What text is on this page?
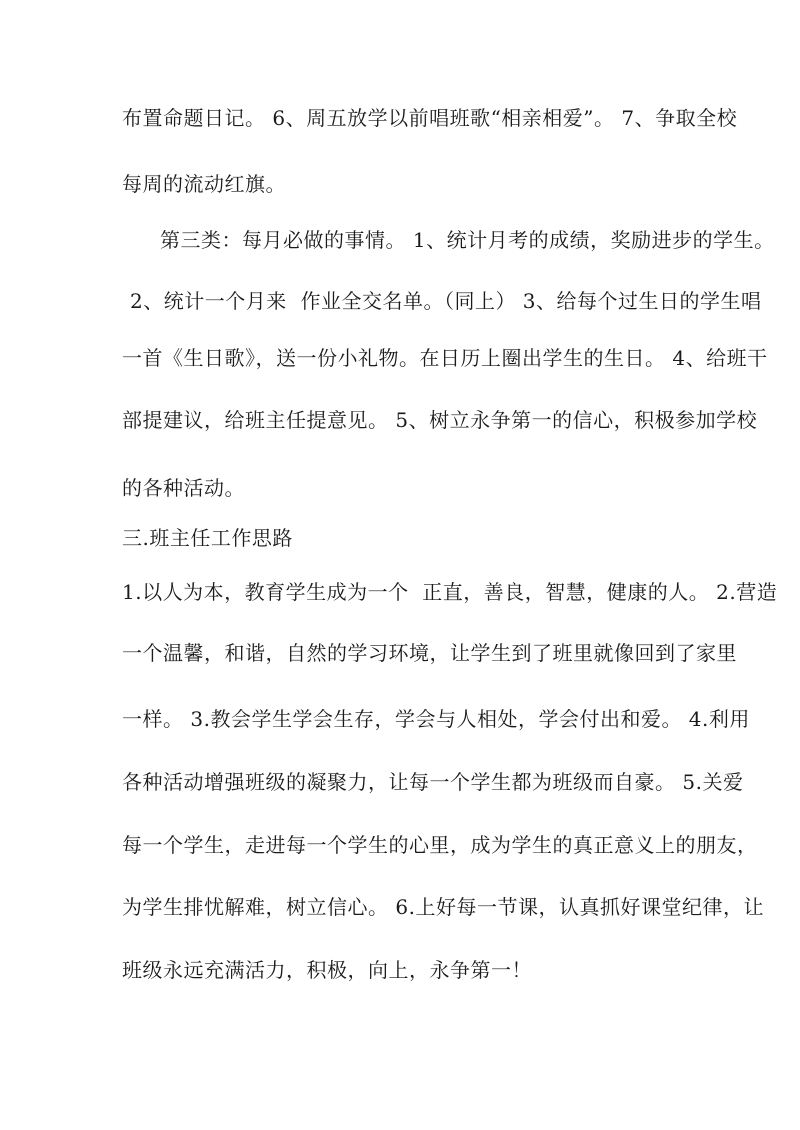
布置命题日记。 6、周五放学以前唱班歌“相亲相爱”。 7、争取全校
每周的流动红旗。
第三类：每月必做的事情。 1、统计月考的成绩，奖励进步的学生。
2、统计一个月来  作业全交名单。（同上） 3、给每个过生日的学生唱
一首《生日歌》，送一份小礼物。在日历上圈出学生的生日。 4、给班干
部提建议，给班主任提意见。 5、树立永争第一的信心，积极参加学校
的各种活动。
三.班主任工作思路
1.以人为本，教育学生成为一个  正直，善良，智慧，健康的人。 2.营造
一个温馨，和谐，自然的学习环境，让学生到了班里就像回到了家里
一样。 3.教会学生学会生存，学会与人相处，学会付出和爱。 4.利用
各种活动增强班级的凝聚力，让每一个学生都为班级而自豪。 5.关爱
每一个学生，走进每一个学生的心里，成为学生的真正意义上的朋友，
为学生排忧解难，树立信心。 6.上好每一节课，认真抓好课堂纪律，让
班级永远充满活力，积极，向上，永争第一！
